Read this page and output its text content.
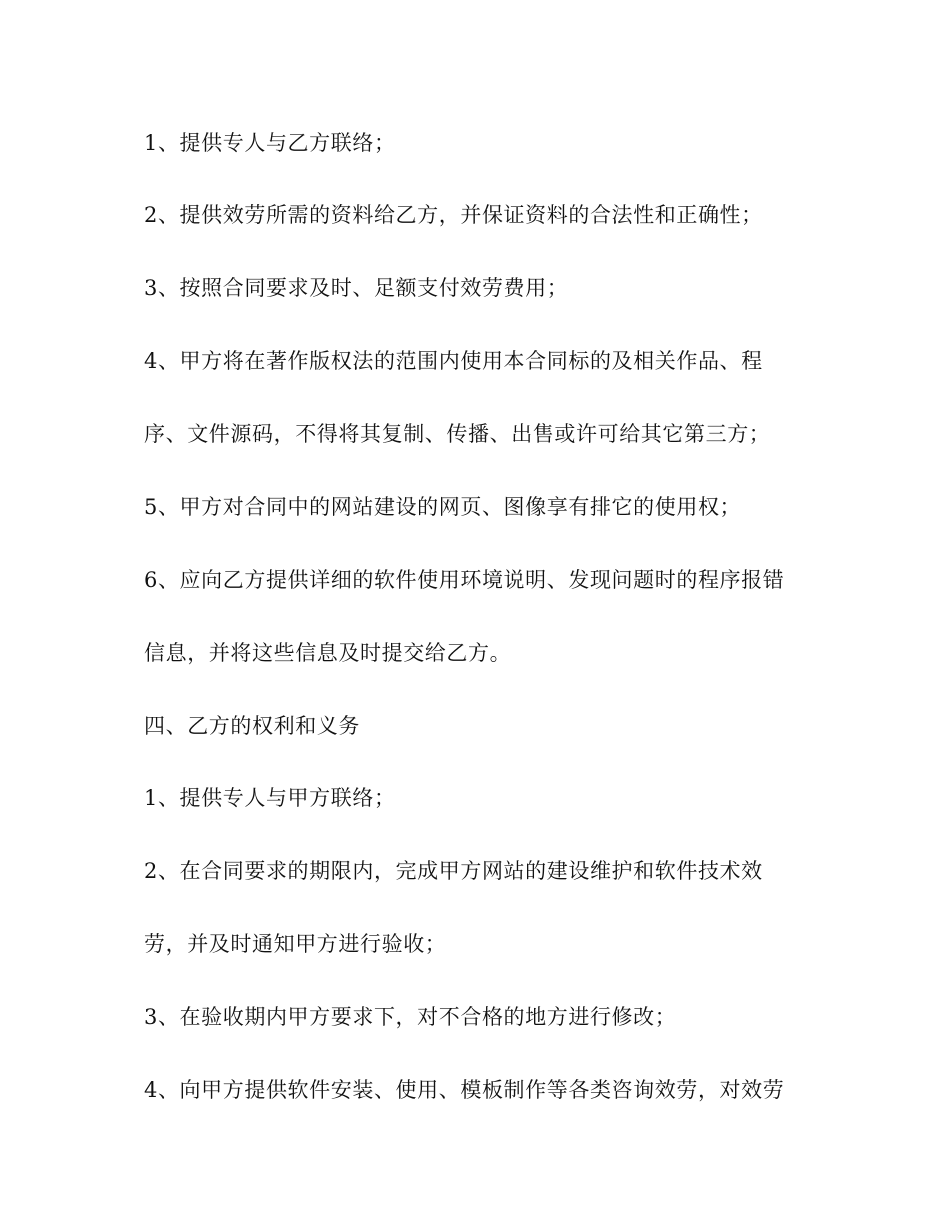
1、提供专人与乙方联络；
2、提供效劳所需的资料给乙方，并保证资料的合法性和正确性；
3、按照合同要求及时、足额支付效劳费用；
4、甲方将在著作版权法的范围内使用本合同标的及相关作品、程
序、文件源码，不得将其复制、传播、出售或许可给其它第三方；
5、甲方对合同中的网站建设的网页、图像享有排它的使用权；
6、应向乙方提供详细的软件使用环境说明、发现问题时的程序报错
信息，并将这些信息及时提交给乙方。
四、乙方的权利和义务
1、提供专人与甲方联络；
2、在合同要求的期限内，完成甲方网站的建设维护和软件技术效
劳，并及时通知甲方进行验收；
3、在验收期内甲方要求下，对不合格的地方进行修改；
4、向甲方提供软件安装、使用、模板制作等各类咨询效劳，对效劳
